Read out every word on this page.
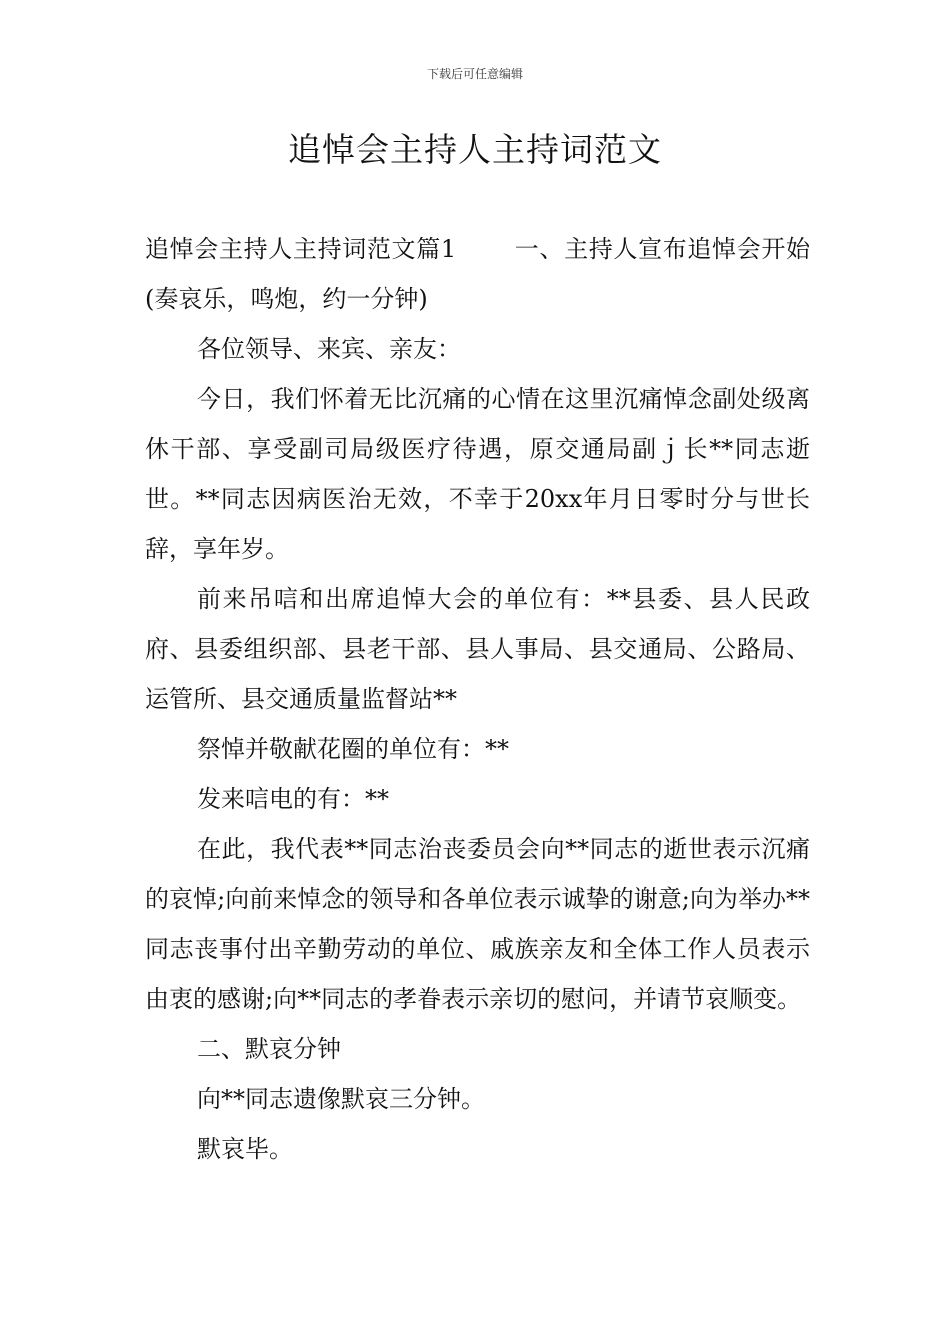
下载后可任意编辑
追悼会主持人主持词范文

追悼会主持人主持词范文篇1 一、主持人宣布追悼会开始(奏哀乐，鸣炮，约一分钟)

各位领导、来宾、亲友：

今日，我们怀着无比沉痛的心情在这里沉痛悼念副处级离休干部、享受副司局级医疗待遇，原交通局副ｊ长**同志逝世。**同志因病医治无效，不幸于20xx年月日零时分与世长辞，享年岁。

前来吊唁和出席追悼大会的单位有：**县委、县人民政府、县委组织部、县老干部、县人事局、县交通局、公路局、运管所、县交通质量监督站**

祭悼并敬献花圈的单位有：**

发来唁电的有：**

在此，我代表**同志治丧委员会向**同志的逝世表示沉痛的哀悼;向前来悼念的领导和各单位表示诚挚的谢意;向为举办**同志丧事付出辛勤劳动的单位、戚族亲友和全体工作人员表示由衷的感谢;向**同志的孝眷表示亲切的慰问，并请节哀顺变。

二、默哀分钟

向**同志遗像默哀三分钟。

默哀毕。
